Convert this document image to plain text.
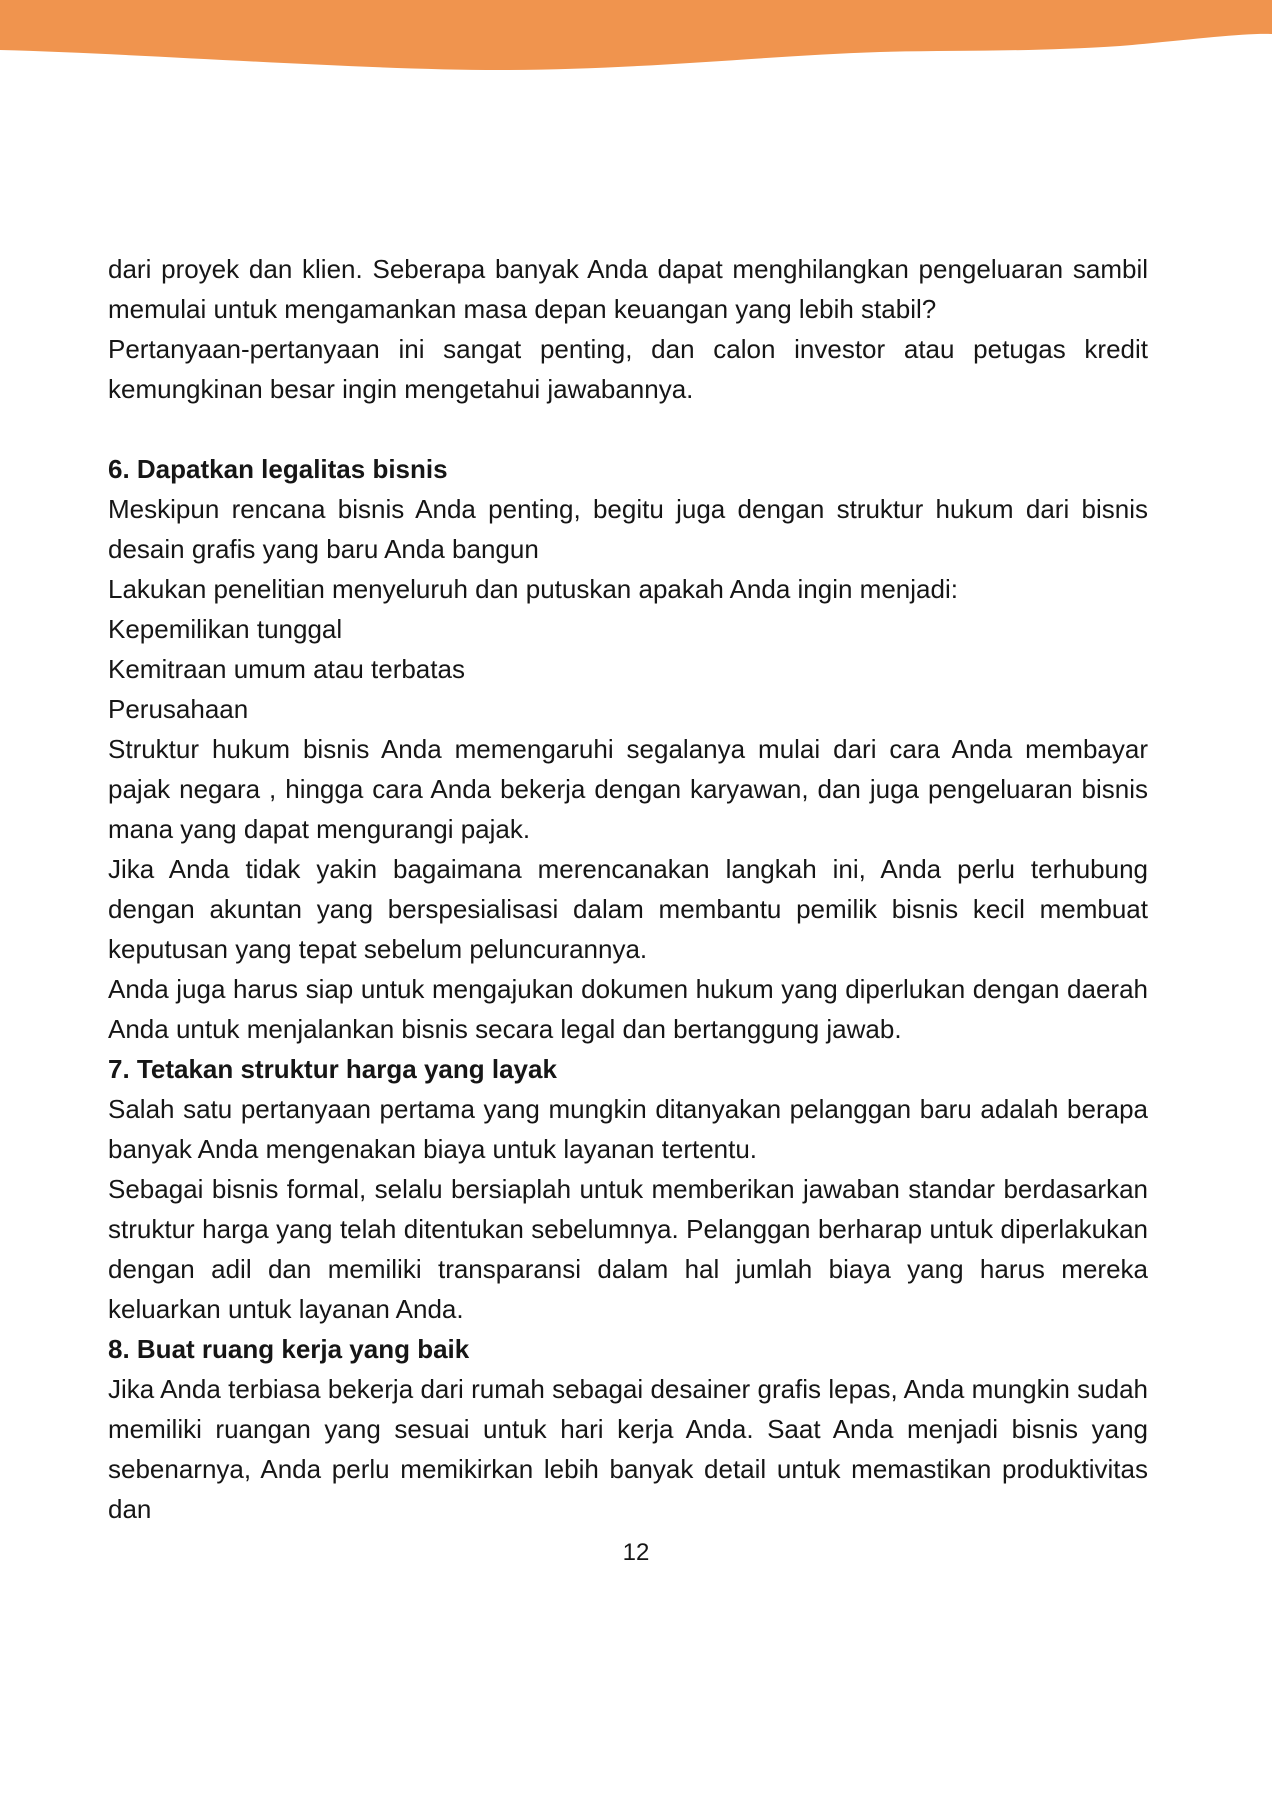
dari proyek dan klien. Seberapa banyak Anda dapat menghilangkan pengeluaran sambil memulai untuk mengamankan masa depan keuangan yang lebih stabil?

Pertanyaan-pertanyaan ini sangat penting, dan calon investor atau petugas kredit kemungkinan besar ingin mengetahui jawabannya.

6. Dapatkan legalitas bisnis

Meskipun rencana bisnis Anda penting, begitu juga dengan struktur hukum dari bisnis desain grafis yang baru Anda bangun

Lakukan penelitian menyeluruh dan putuskan apakah Anda ingin menjadi:

Kepemilikan tunggal

Kemitraan umum atau terbatas

Perusahaan

Struktur hukum bisnis Anda memengaruhi segalanya mulai dari cara Anda membayar pajak negara , hingga cara Anda bekerja dengan karyawan, dan juga pengeluaran bisnis mana yang dapat mengurangi pajak.

Jika Anda tidak yakin bagaimana merencanakan langkah ini, Anda perlu terhubung dengan akuntan yang berspesialisasi dalam membantu pemilik bisnis kecil membuat keputusan yang tepat sebelum peluncurannya.

Anda juga harus siap untuk mengajukan dokumen hukum yang diperlukan dengan daerah Anda untuk menjalankan bisnis secara legal dan bertanggung jawab.

7. Tetakan struktur harga yang layak

Salah satu pertanyaan pertama yang mungkin ditanyakan pelanggan baru adalah berapa banyak Anda mengenakan biaya untuk layanan tertentu.

Sebagai bisnis formal, selalu bersiaplah untuk memberikan jawaban standar berdasarkan struktur harga yang telah ditentukan sebelumnya. Pelanggan berharap untuk diperlakukan dengan adil dan memiliki transparansi dalam hal jumlah biaya yang harus mereka keluarkan untuk layanan Anda.

8. Buat ruang kerja yang baik

Jika Anda terbiasa bekerja dari rumah sebagai desainer grafis lepas, Anda mungkin sudah memiliki ruangan yang sesuai untuk hari kerja Anda. Saat Anda menjadi bisnis yang sebenarnya, Anda perlu memikirkan lebih banyak detail untuk memastikan produktivitas dan

12
